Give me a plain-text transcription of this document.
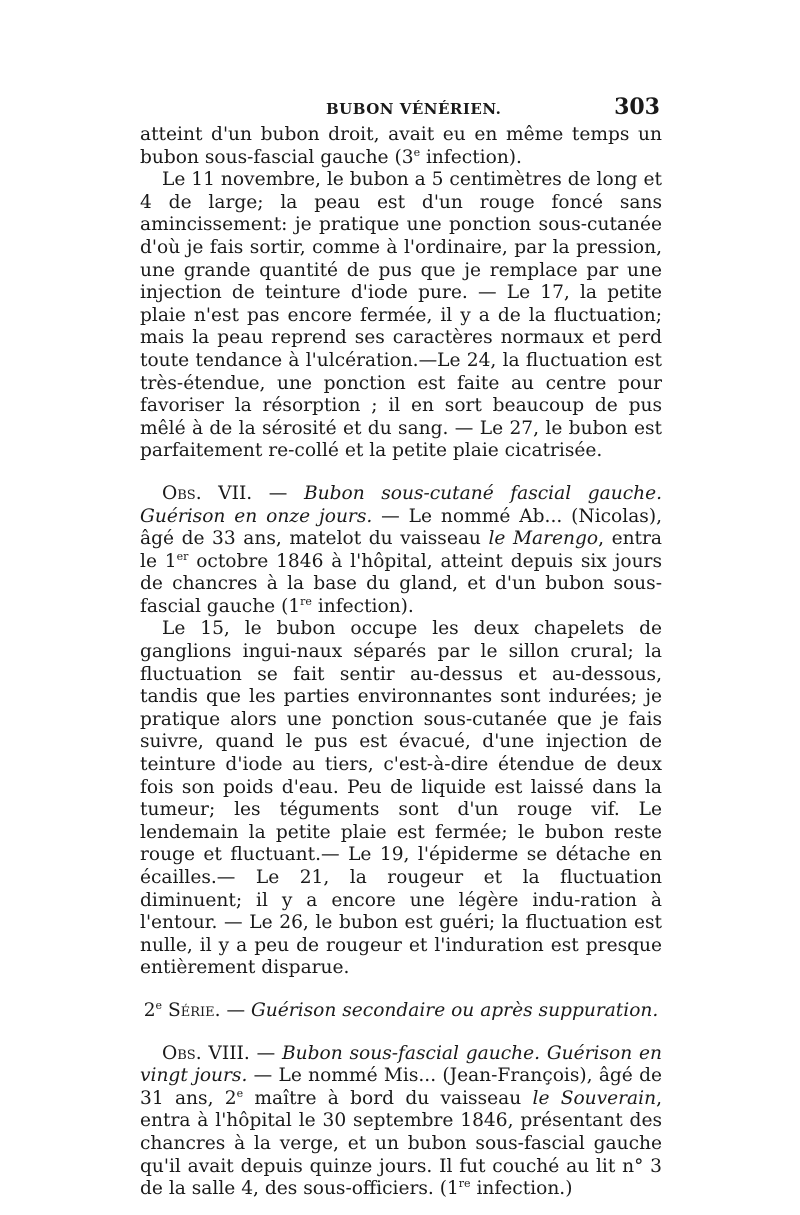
BUBON VÉNÉRIEN.	303

atteint d'un bubon droit, avait eu en même temps un bubon sous-fascial gauche (3e infection).

Le 11 novembre, le bubon a 5 centimètres de long et 4 de large; la peau est d'un rouge foncé sans amincissement: je pratique une ponction sous-cutanée d'où je fais sortir, comme à l'ordinaire, par la pression, une grande quantité de pus que je remplace par une injection de teinture d'iode pure. — Le 17, la petite plaie n'est pas encore fermée, il y a de la fluctuation; mais la peau reprend ses caractères normaux et perd toute tendance à l'ulcération.—Le 24, la fluctuation est très-étendue, une ponction est faite au centre pour favoriser la résorption ; il en sort beaucoup de pus mêlé à de la sérosité et du sang. — Le 27, le bubon est parfaitement re-collé et la petite plaie cicatrisée.

Obs. VII. — Bubon sous-cutané fascial gauche. Guérison en onze jours. — Le nommé Ab... (Nicolas), âgé de 33 ans, matelot du vaisseau le Marengo, entra le 1er octobre 1846 à l'hôpital, atteint depuis six jours de chancres à la base du gland, et d'un bubon sous-fascial gauche (1re infection).

Le 15, le bubon occupe les deux chapelets de ganglions ingui-naux séparés par le sillon crural; la fluctuation se fait sentir au-dessus et au-dessous, tandis que les parties environnantes sont indurées; je pratique alors une ponction sous-cutanée que je fais suivre, quand le pus est évacué, d'une injection de teinture d'iode au tiers, c'est-à-dire étendue de deux fois son poids d'eau. Peu de liquide est laissé dans la tumeur; les téguments sont d'un rouge vif. Le lendemain la petite plaie est fermée; le bubon reste rouge et fluctuant.— Le 19, l'épiderme se détache en écailles.— Le 21, la rougeur et la fluctuation diminuent; il y a encore une légère indu-ration à l'entour. — Le 26, le bubon est guéri; la fluctuation est nulle, il y a peu de rougeur et l'induration est presque entièrement disparue.

2e Série. — Guérison secondaire ou après suppuration.

Obs. VIII. — Bubon sous-fascial gauche. Guérison en vingt jours. — Le nommé Mis... (Jean-François), âgé de 31 ans, 2e maître à bord du vaisseau le Souverain, entra à l'hôpital le 30 septembre 1846, présentant des chancres à la verge, et un bubon sous-fascial gauche qu'il avait depuis quinze jours. Il fut couché au lit n° 3 de la salle 4, des sous-officiers. (1re infection.)
